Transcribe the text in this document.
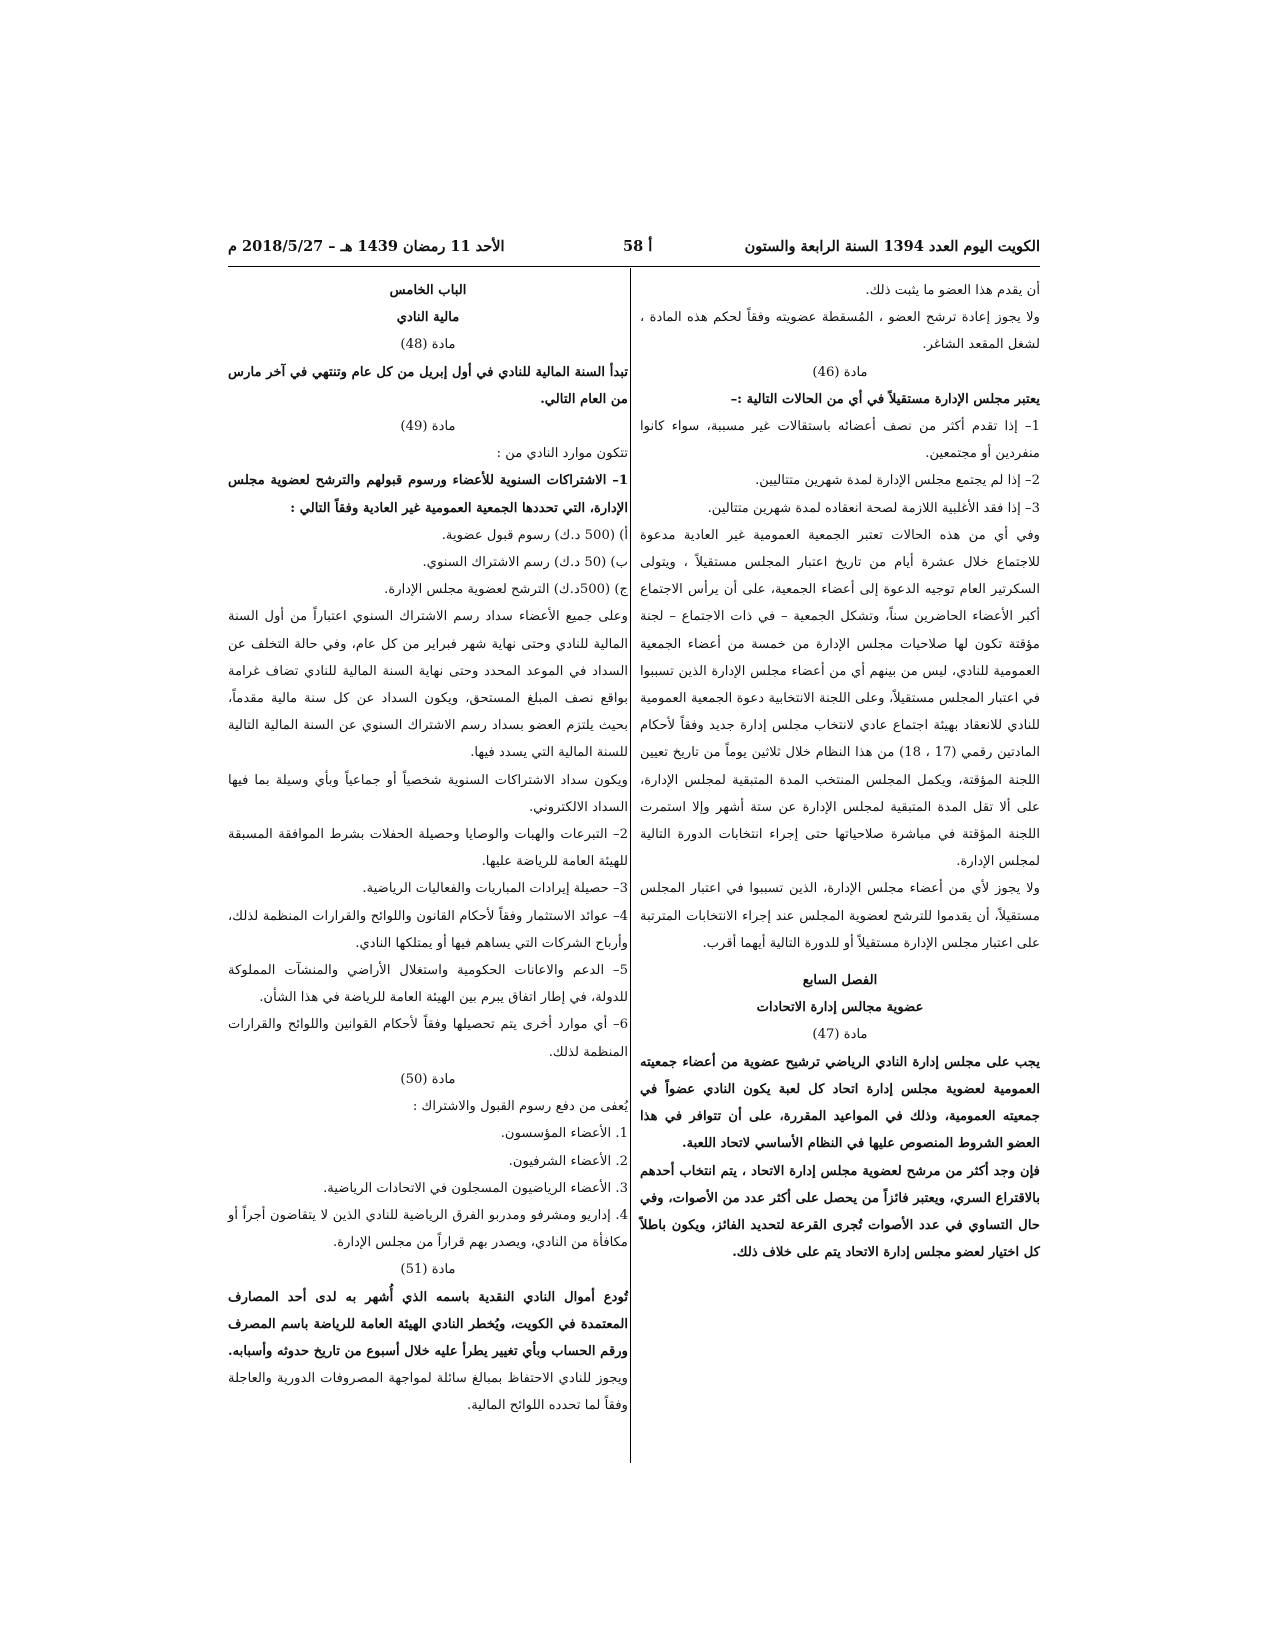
الكويت اليوم العدد 1394 السنة الرابعة والستون
أ 58
الأحد 11 رمضان 1439 هـ – 2018/5/27 م

أن يقدم هذا العضو ما يثبت ذلك.

ولا يجوز إعادة ترشح العضو ، المُسقطة عضويته وفقاً لحكم هذه المادة ، لشغل المقعد الشاغر.

مادة (46)

يعتبر مجلس الإدارة مستقيلاً في أي من الحالات التالية :–

1– إذا تقدم أكثر من نصف أعضائه باستقالات غير مسببة، سواء كانوا منفردين أو مجتمعين.

2– إذا لم يجتمع مجلس الإدارة لمدة شهرين متتاليين.

3– إذا فقد الأغلبية اللازمة لصحة انعقاده لمدة شهرين متتالين.

وفي أي من هذه الحالات تعتبر الجمعية العمومية غير العادية مدعوة للاجتماع خلال عشرة أيام من تاريخ اعتبار المجلس مستقيلاً ، ويتولى السكرتير العام توجيه الدعوة إلى أعضاء الجمعية، على أن يرأس الاجتماع أكبر الأعضاء الحاضرين سناً، وتشكل الجمعية – في ذات الاجتماع – لجنة مؤقتة تكون لها صلاحيات مجلس الإدارة من خمسة من أعضاء الجمعية العمومية للنادي، ليس من بينهم أي من أعضاء مجلس الإدارة الذين تسببوا في اعتبار المجلس مستقيلاً، وعلى اللجنة الانتخابية دعوة الجمعية العمومية للنادي للانعقاد بهيئة اجتماع عادي لانتخاب مجلس إدارة جديد وفقاً لأحكام المادتين رقمي (17 ، 18) من هذا النظام خلال ثلاثين يوماً من تاريخ تعيين اللجنة المؤقتة، ويكمل المجلس المنتخب المدة المتبقية لمجلس الإدارة، على ألا تقل المدة المتبقية لمجلس الإدارة عن ستة أشهر وإلا استمرت اللجنة المؤقتة في مباشرة صلاحياتها حتى إجراء انتخابات الدورة التالية لمجلس الإدارة.

ولا يجوز لأي من أعضاء مجلس الإدارة، الذين تسببوا في اعتبار المجلس مستقيلاً، أن يقدموا للترشح لعضوية المجلس عند إجراء الانتخابات المترتبة على اعتبار مجلس الإدارة مستقيلاً أو للدورة التالية أيهما أقرب.

الفصل السابع

عضوية مجالس إدارة الاتحادات

مادة (47)

يجب على مجلس إدارة النادي الرياضي ترشيح عضوية من أعضاء جمعيته العمومية لعضوية مجلس إدارة اتحاد كل لعبة يكون النادي عضواً في جمعيته العمومية، وذلك في المواعيد المقررة، على أن تتوافر في هذا العضو الشروط المنصوص عليها في النظام الأساسي لاتحاد اللعبة.

فإن وجد أكثر من مرشح لعضوية مجلس إدارة الاتحاد ، يتم انتخاب أحدهم بالاقتراع السري، ويعتبر فائزاً من يحصل على أكثر عدد من الأصوات، وفي حال التساوي في عدد الأصوات تُجرى القرعة لتحديد الفائز، ويكون باطلاً كل اختيار لعضو مجلس إدارة الاتحاد يتم على خلاف ذلك.

الباب الخامس

مالية النادي

مادة (48)

تبدأ السنة المالية للنادي في أول إبريل من كل عام وتنتهي في آخر مارس من العام التالي.

مادة (49)

تتكون موارد النادي من :

1– الاشتراكات السنوية للأعضاء ورسوم قبولهم والترشح لعضوية مجلس الإدارة، التي تحددها الجمعية العمومية غير العادية وفقاً التالي :

أ) (500 د.ك) رسوم قبول عضوية.

ب) (50 د.ك) رسم الاشتراك السنوي.

ج) (500د.ك) الترشح لعضوية مجلس الإدارة.

وعلى جميع الأعضاء سداد رسم الاشتراك السنوي اعتباراً من أول السنة المالية للنادي وحتى نهاية شهر فبراير من كل عام، وفي حالة التخلف عن السداد في الموعد المحدد وحتى نهاية السنة المالية للنادي تضاف غرامة بواقع نصف المبلغ المستحق، ويكون السداد عن كل سنة مالية مقدماً، بحيث يلتزم العضو بسداد رسم الاشتراك السنوي عن السنة المالية التالية للسنة المالية التي يسدد فيها.

ويكون سداد الاشتراكات السنوية شخصياً أو جماعياً وبأي وسيلة بما فيها السداد الالكتروني.

2– التبرعات والهبات والوصايا وحصيلة الحفلات بشرط الموافقة المسبقة للهيئة العامة للرياضة عليها.

3– حصيلة إيرادات المباريات والفعاليات الرياضية.

4– عوائد الاستثمار وفقاً لأحكام القانون واللوائح والقرارات المنظمة لذلك، وأرباح الشركات التي يساهم فيها أو يمتلكها النادي.

5– الدعم والاعانات الحكومية واستغلال الأراضي والمنشآت المملوكة للدولة، في إطار اتفاق يبرم بين الهيئة العامة للرياضة في هذا الشأن.

6– أي موارد أخرى يتم تحصيلها وفقاً لأحكام القوانين واللوائح والقرارات المنظمة لذلك.

مادة (50)

يُعفى من دفع رسوم القبول والاشتراك :

1. الأعضاء المؤسسون.

2. الأعضاء الشرفيون.

3. الأعضاء الرياضيون المسجلون في الاتحادات الرياضية.

4. إداريو ومشرفو ومدربو الفرق الرياضية للنادي الذين لا يتقاضون أجراً أو مكافأة من النادي، ويصدر بهم قراراً من مجلس الإدارة.

مادة (51)

تُودع أموال النادي النقدية باسمه الذي أُشهر به لدى أحد المصارف المعتمدة في الكويت، ويُخطر النادي الهيئة العامة للرياضة باسم المصرف ورقم الحساب وبأي تغيير يطرأ عليه خلال أسبوع من تاريخ حدوثه وأسبابه.

ويجوز للنادي الاحتفاظ بمبالغ سائلة لمواجهة المصروفات الدورية والعاجلة وفقاً لما تحدده اللوائح المالية.
